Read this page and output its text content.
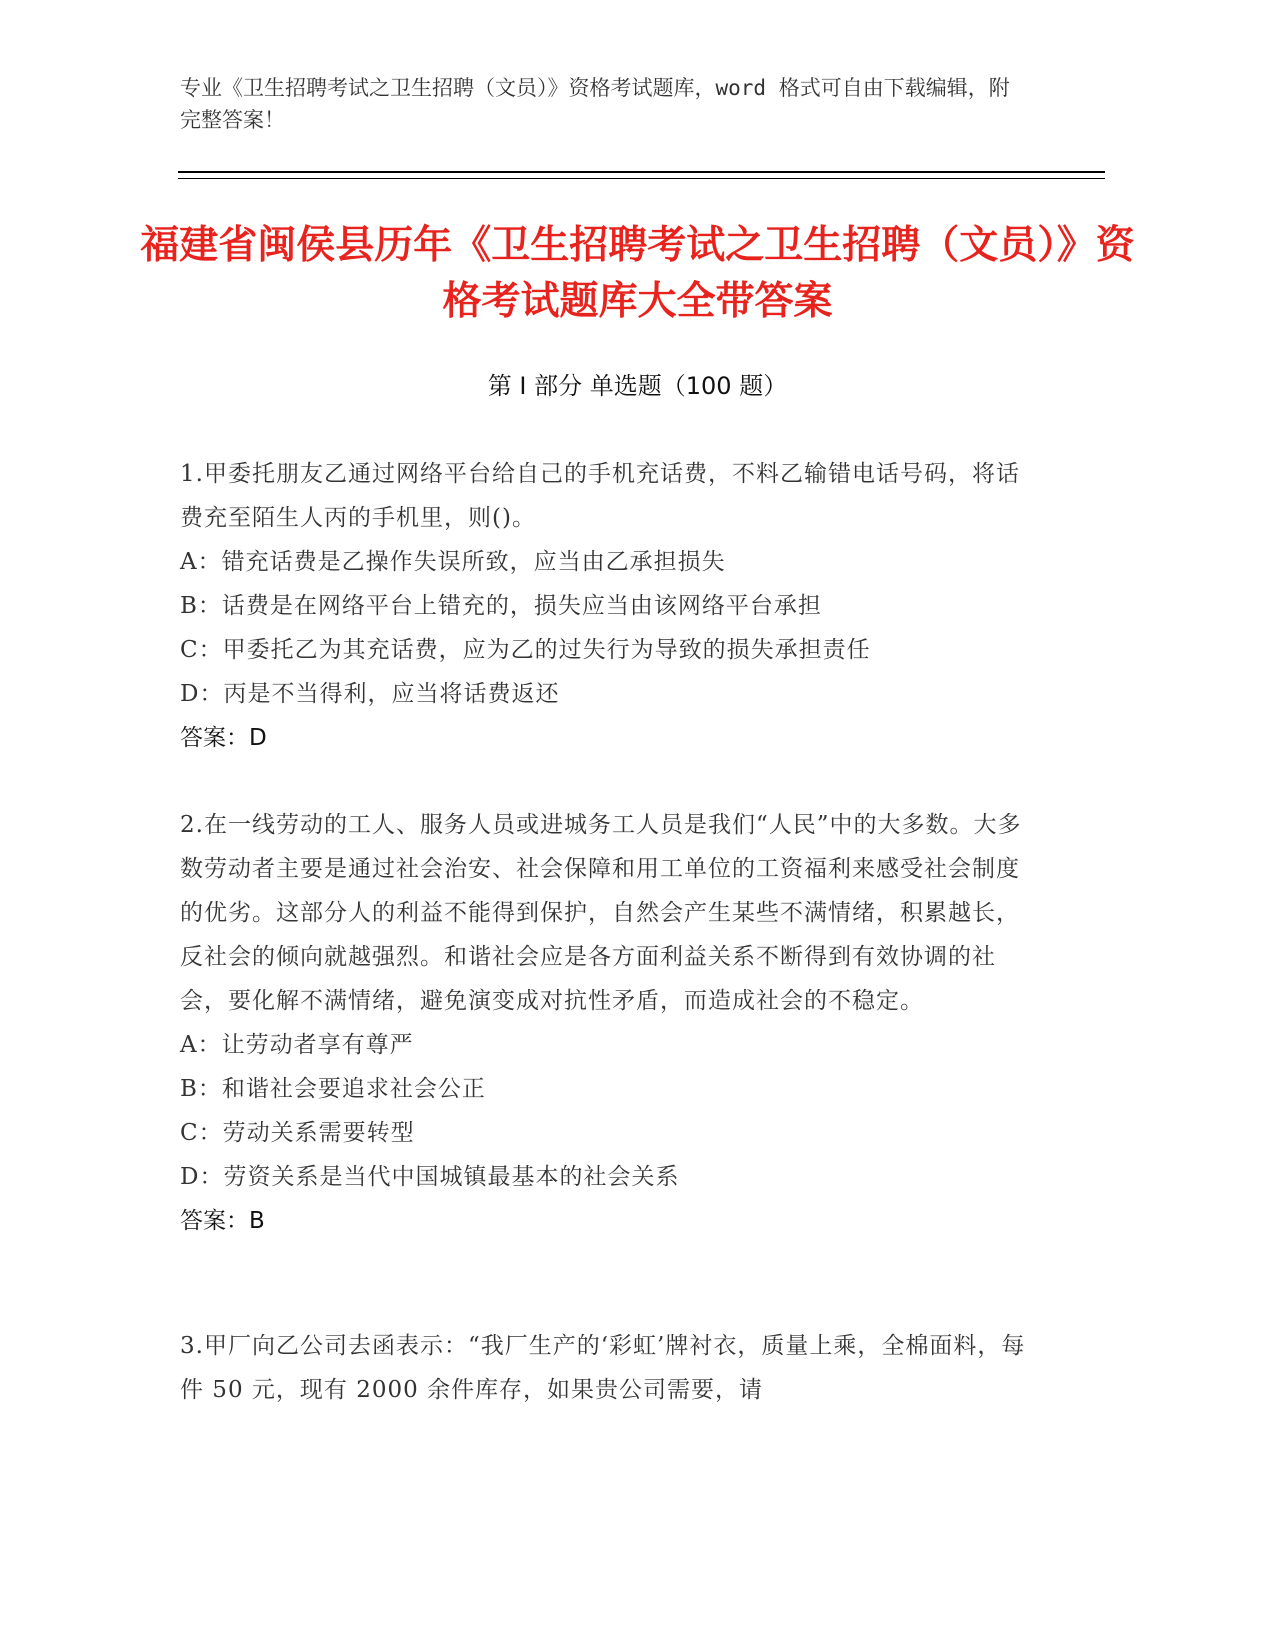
专业《卫生招聘考试之卫生招聘（文员）》资格考试题库，word 格式可自由下载编辑，附完整答案！
福建省闽侯县历年《卫生招聘考试之卫生招聘（文员）》资格考试题库大全带答案
第 I 部分 单选题（100 题）
1.甲委托朋友乙通过网络平台给自己的手机充话费，不料乙输错电话号码，将话费充至陌生人丙的手机里，则()。
A：错充话费是乙操作失误所致，应当由乙承担损失
B：话费是在网络平台上错充的，损失应当由该网络平台承担
C：甲委托乙为其充话费，应为乙的过失行为导致的损失承担责任
D：丙是不当得利，应当将话费返还
答案：D
2.在一线劳动的工人、服务人员或进城务工人员是我们“人民”中的大多数。大多数劳动者主要是通过社会治安、社会保障和用工单位的工资福利来感受社会制度的优劣。这部分人的利益不能得到保护，自然会产生某些不满情绪，积累越长，反社会的倾向就越强烈。和谐社会应是各方面利益关系不断得到有效协调的社会，要化解不满情绪，避免演变成对抗性矛盾，而造成社会的不稳定。
A：让劳动者享有尊严
B：和谐社会要追求社会公正
C：劳动关系需要转型
D：劳资关系是当代中国城镇最基本的社会关系
答案：B
3.甲厂向乙公司去函表示：“我厂生产的‘彩虹’牌衬衣，质量上乘，全棉面料，每件 50 元，现有 2000 余件库存，如果贵公司需要，请
